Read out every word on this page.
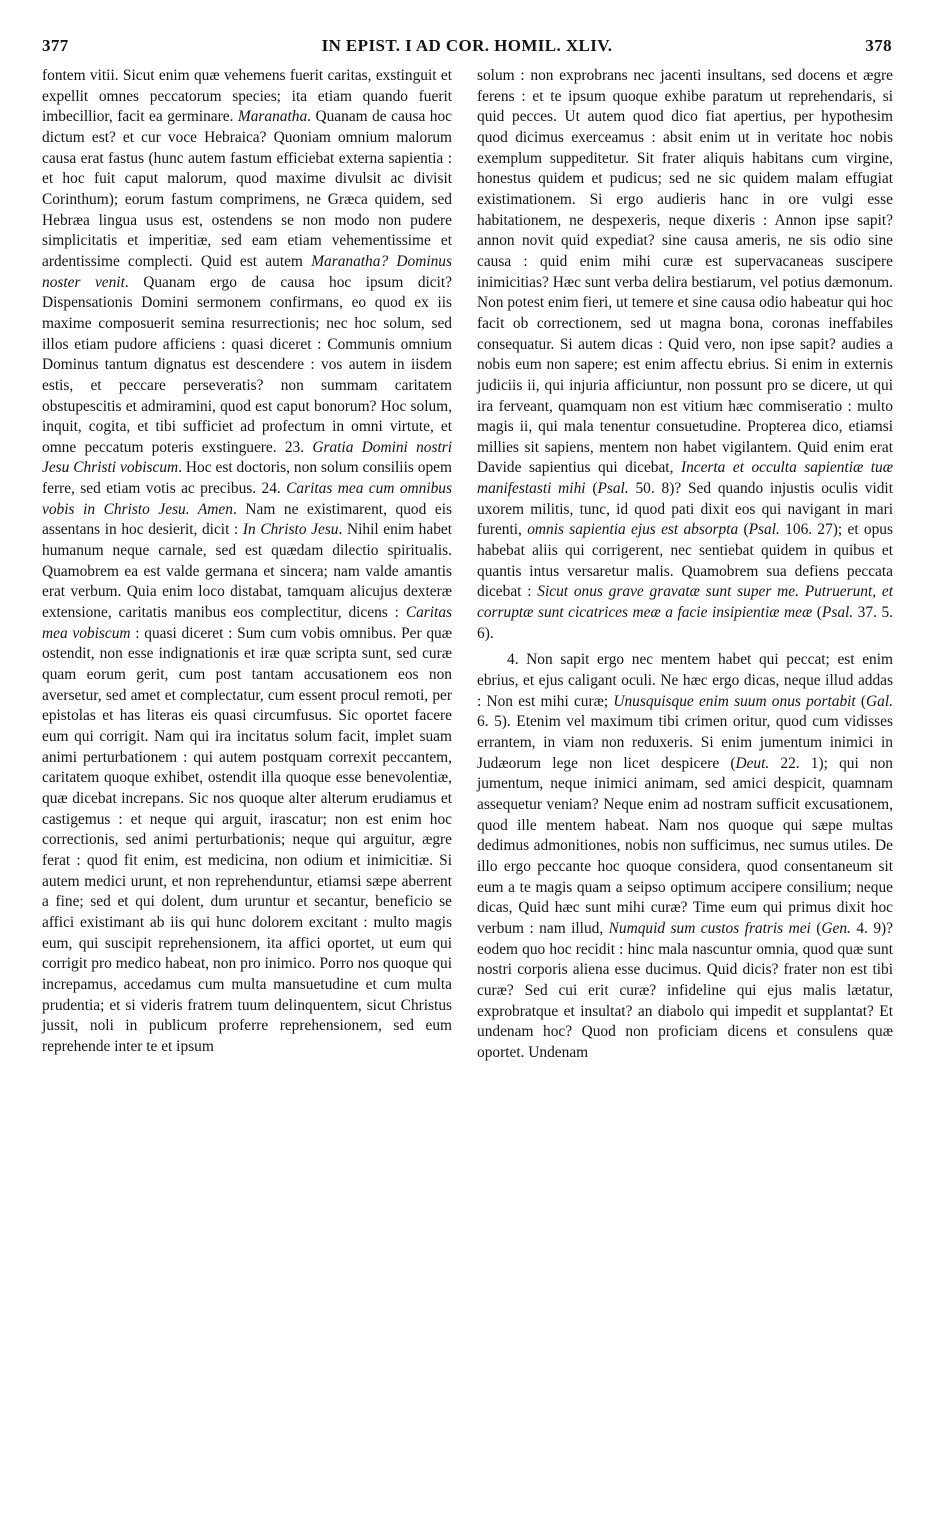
377	IN EPIST. I AD COR. HOMIL. XLIV.	378

fontem vitii. Sicut enim quæ vehemens fuerit caritas, exstinguit et expellit omnes peccatorum species; ita etiam quando fuerit imbecillior, facit ea germinare. Maranatha. Quanam de causa hoc dictum est? et cur voce Hebraica? Quoniam omnium malorum causa erat fastus (hunc autem fastum efficiebat externa sapientia : et hoc fuit caput malorum, quod maxime divulsit ac divisit Corinthum); eorum fastum comprimens, ne Græca quidem, sed Hebræa lingua usus est, ostendens se non modo non pudere simplicitatis et imperitiæ, sed eam etiam vehementissime et ardentissime complecti. Quid est autem Maranatha? Dominus noster venit. Quanam ergo de causa hoc ipsum dicit? Dispensationis Domini sermonem confirmans, eo quod ex iis maxime composuerit semina resurrectionis; nec hoc solum, sed illos etiam pudore afficiens : quasi diceret : Communis omnium Dominus tantum dignatus est descendere : vos autem in iisdem estis, et peccare perseveratis? non summam caritatem obstupescitis et admiramini, quod est caput bonorum? Hoc solum, inquit, cogita, et tibi sufficiet ad profectum in omni virtute, et omne peccatum poteris exstinguere. 23. Gratia Domini nostri Jesu Christi vobiscum. Hoc est doctoris, non solum consiliis opem ferre, sed etiam votis ac precibus. 24. Caritas mea cum omnibus vobis in Christo Jesu. Amen. Nam ne existimarent, quod eis assentans in hoc desierit, dicit : In Christo Jesu. Nihil enim habet humanum neque carnale, sed est quædam dilectio spiritualis. Quamobrem ea est valde germana et sincera; nam valde amantis erat verbum. Quia enim loco distabat, tamquam alicujus dexteræ extensione, caritatis manibus eos complectitur, dicens : Caritas mea vobiscum : quasi diceret : Sum cum vobis omnibus. Per quæ ostendit, non esse indignationis et iræ quæ scripta sunt, sed curæ quam eorum gerit, cum post tantam accusationem eos non aversetur, sed amet et complectatur, cum essent procul remoti, per epistolas et has literas eis quasi circumfusus. Sic oportet facere eum qui corrigit. Nam qui ira incitatus solum facit, implet suam animi perturbationem : qui autem postquam correxit peccantem, caritatem quoque exhibet, ostendit illa quoque esse benevolentiæ, quæ dicebat increpans. Sic nos quoque alter alterum erudiamus et castigemus : et neque qui arguit, irascatur; non est enim hoc correctionis, sed animi perturbationis; neque qui arguitur, ægre ferat : quod fit enim, est medicina, non odium et inimicitiæ. Si autem medici urunt, et non reprehenduntur, etiamsi sæpe aberrent a fine; sed et qui dolent, dum uruntur et secantur, beneficio se affici existimant ab iis qui hunc dolorem excitant : multo magis eum, qui suscipit reprehensionem, ita affici oportet, ut eum qui corrigit pro medico habeat, non pro inimico. Porro nos quoque qui increpamus, accedamus cum multa mansuetudine et cum multa prudentia; et si videris fratrem tuum delinquentem, sicut Christus jussit, noli in publicum proferre reprehensionem, sed eum reprehende inter te et ipsum

solum : non exprobrans nec jacenti insultans, sed docens et ægre ferens : et te ipsum quoque exhibe paratum ut reprehendaris, si quid pecces. Ut autem quod dico fiat apertius, per hypothesim quod dicimus exerceamus : absit enim ut in veritate hoc nobis exemplum suppeditetur. Sit frater aliquis habitans cum virgine, honestus quidem et pudicus; sed ne sic quidem malam effugiat existimationem. Si ergo audieris hanc in ore vulgi esse habitationem, ne despexeris, neque dixeris : Annon ipse sapit? annon novit quid expediat? sine causa ameris, ne sis odio sine causa : quid enim mihi curæ est supervacaneas suscipere inimicitias? Hæc sunt verba delira bestiarum, vel potius dæmonum. Non potest enim fieri, ut temere et sine causa odio habeatur qui hoc facit ob correctionem, sed ut magna bona, coronas ineffabiles consequatur. Si autem dicas : Quid vero, non ipse sapit? audies a nobis eum non sapere; est enim affectu ebrius. Si enim in externis judiciis ii, qui injuria afficiuntur, non possunt pro se dicere, ut qui ira ferveant, quamquam non est vitium hæc commiseratio : multo magis ii, qui mala tenentur consuetudine. Propterea dico, etiamsi millies sit sapiens, mentem non habet vigilantem. Quid enim erat Davide sapientius qui dicebat, Incerta et occulta sapientiæ tuæ manifestasti mihi (Psal. 50. 8)? Sed quando injustis oculis vidit uxorem militis, tunc, id quod pati dixit eos qui navigant in mari furenti, omnis sapientia ejus est absorpta (Psal. 106. 27); et opus habebat aliis qui corrigerent, nec sentiebat quidem in quibus et quantis intus versaretur malis. Quamobrem sua defiens peccata dicebat : Sicut onus grave gravatæ sunt super me. Putruerunt, et corruptæ sunt cicatrices meæ a facie insipientiæ meæ (Psal. 37. 5. 6).

4. Non sapit ergo nec mentem habet qui peccat; est enim ebrius, et ejus caligant oculi. Ne hæc ergo dicas, neque illud addas : Non est mihi curæ; Unusquisque enim suum onus portabit (Gal. 6. 5). Etenim vel maximum tibi crimen oritur, quod cum vidisses errantem, in viam non reduxeris. Si enim jumentum inimici in Judæorum lege non licet despicere (Deut. 22. 1); qui non jumentum, neque inimici animam, sed amici despicit, quamnam assequetur veniam? Neque enim ad nostram sufficit excusationem, quod ille mentem habeat. Nam nos quoque qui sæpe multas dedimus admonitiones, nobis non sufficimus, nec sumus utiles. De illo ergo peccante hoc quoque considera, quod consentaneum sit eum a te magis quam a seipso optimum accipere consilium; neque dicas, Quid hæc sunt mihi curæ? Time eum qui primus dixit hoc verbum : nam illud, Numquid sum custos fratris mei (Gen. 4. 9)? eodem quo hoc recidit : hinc mala nascuntur omnia, quod quæ sunt nostri corporis aliena esse ducimus. Quid dicis? frater non est tibi curæ? Sed cui erit curæ? infideline qui ejus malis lætatur, exprobratque et insultat? an diabolo qui impedit et supplantat? Et undenam hoc? Quod non proficiam dicens et consulens quæ oportet. Undenam
